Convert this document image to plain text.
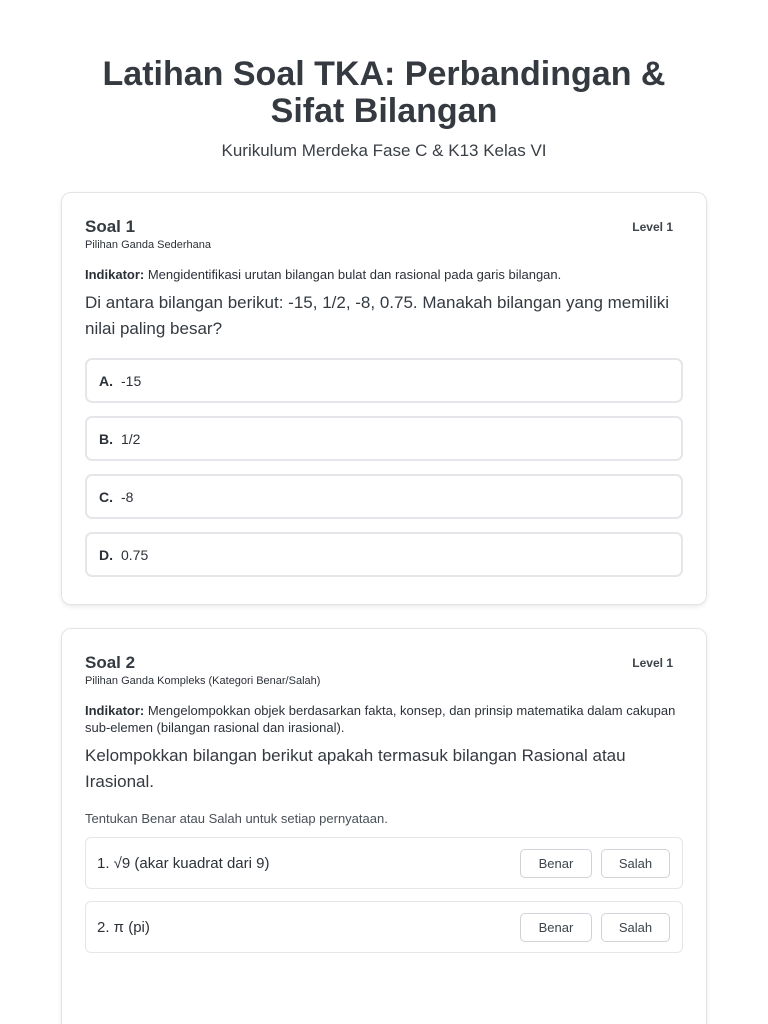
Latihan Soal TKA: Perbandingan & Sifat Bilangan
Kurikulum Merdeka Fase C & K13 Kelas VI
Soal 1
Pilihan Ganda Sederhana
Level 1
Indikator: Mengidentifikasi urutan bilangan bulat dan rasional pada garis bilangan.
Di antara bilangan berikut: -15, 1/2, -8, 0.75. Manakah bilangan yang memiliki nilai paling besar?
A. -15
B. 1/2
C. -8
D. 0.75
Soal 2
Pilihan Ganda Kompleks (Kategori Benar/Salah)
Level 1
Indikator: Mengelompokkan objek berdasarkan fakta, konsep, dan prinsip matematika dalam cakupan sub-elemen (bilangan rasional dan irasional).
Kelompokkan bilangan berikut apakah termasuk bilangan Rasional atau Irasional.
Tentukan Benar atau Salah untuk setiap pernyataan.
1. √9 (akar kuadrat dari 9)	Benar	Salah
2. π (pi)	Benar	Salah
